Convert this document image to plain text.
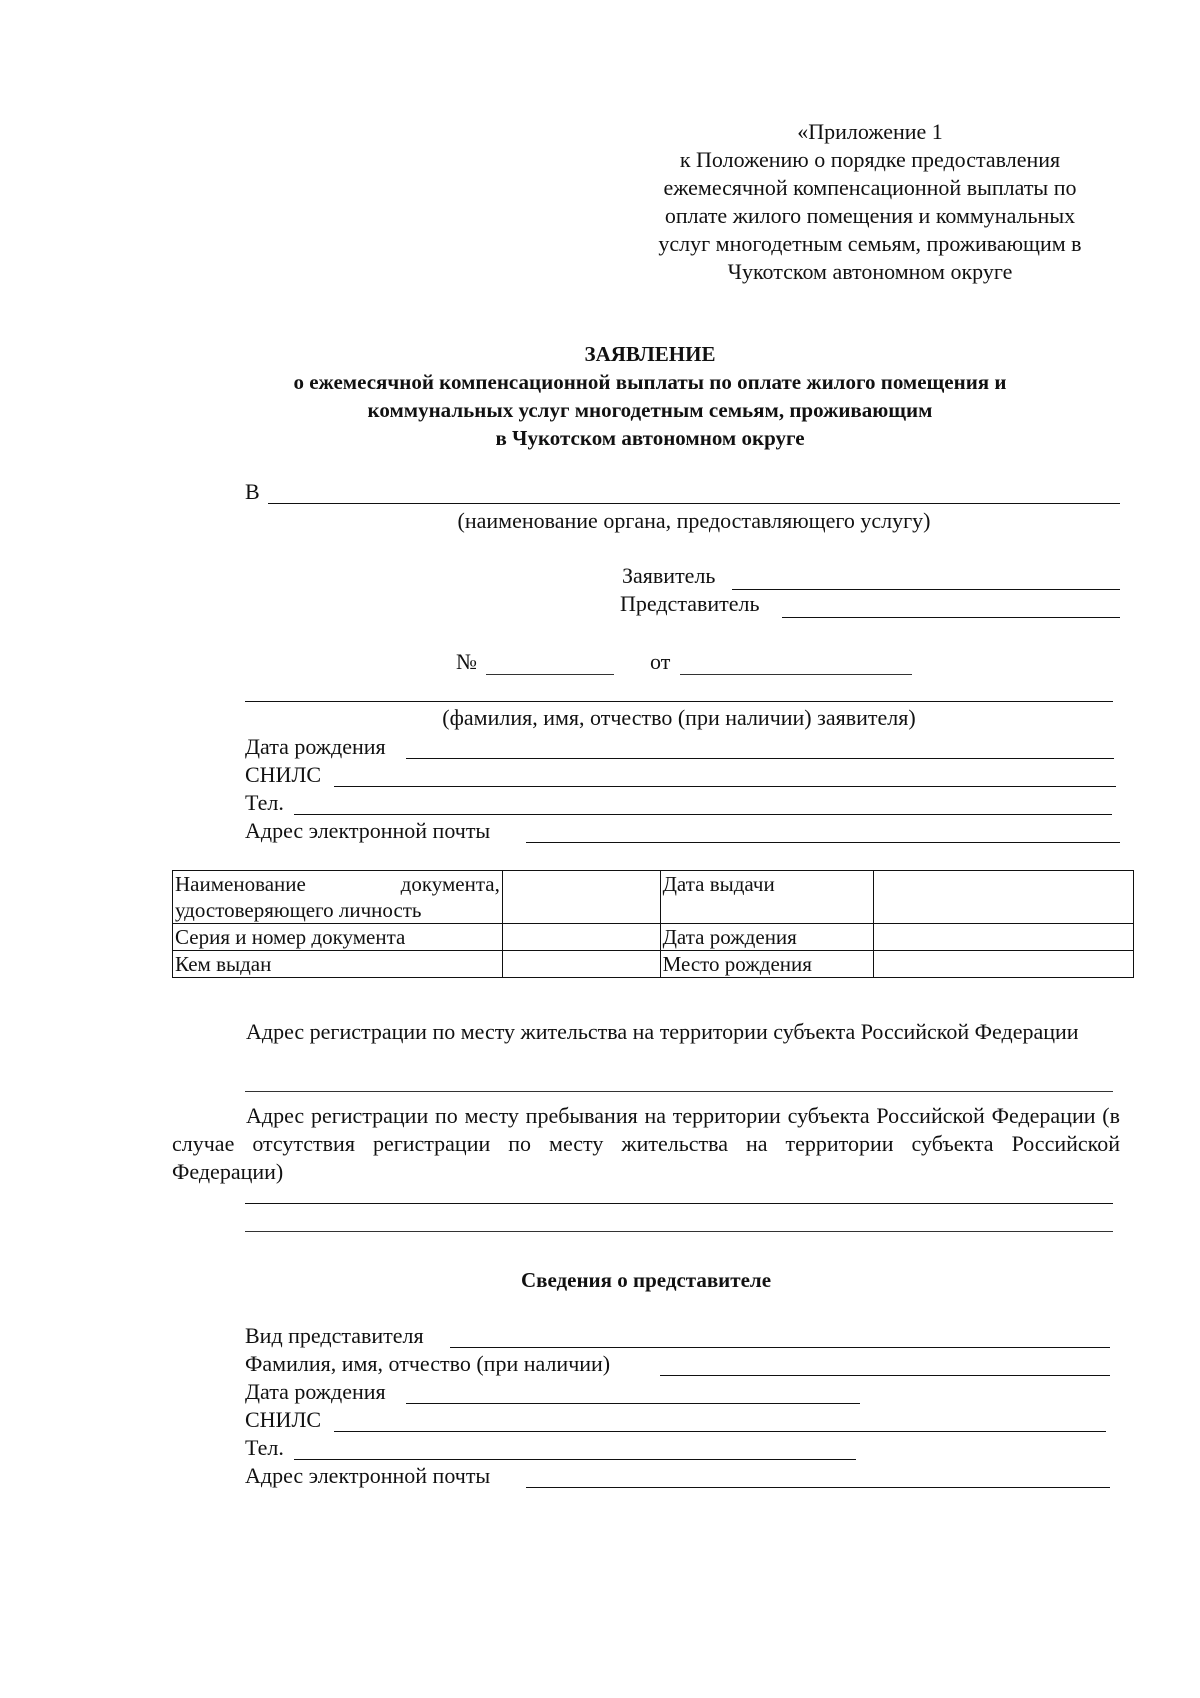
«Приложение 1
к Положению о порядке предоставления
ежемесячной компенсационной выплаты по
оплате жилого помещения и коммунальных
услуг многодетным семьям, проживающим в
Чукотском автономном округе
ЗАЯВЛЕНИЕ
о ежемесячной компенсационной выплаты по оплате жилого помещения и
коммунальных услуг многодетным семьям, проживающим
в Чукотском автономном округе
В
(наименование органа, предоставляющего услугу)
Заявитель
Представитель
№	от
(фамилия, имя, отчество (при наличии) заявителя)
Дата рождения
СНИЛС
Тел.
Адрес электронной почты
Наименование документа,
удостоверяющего личность		Дата выдачи	
Серия и номер документа		Дата рождения	
Кем выдан		Место рождения	
Адрес регистрации по месту жительства на территории субъекта Российской Федерации
Адрес регистрации по месту пребывания на территории субъекта Российской Федерации (в случае отсутствия регистрации по месту жительства на территории субъекта Российской Федерации)
Сведения о представителе
Вид представителя
Фамилия, имя, отчество (при наличии)
Дата рождения
СНИЛС
Тел.
Адрес электронной почты
